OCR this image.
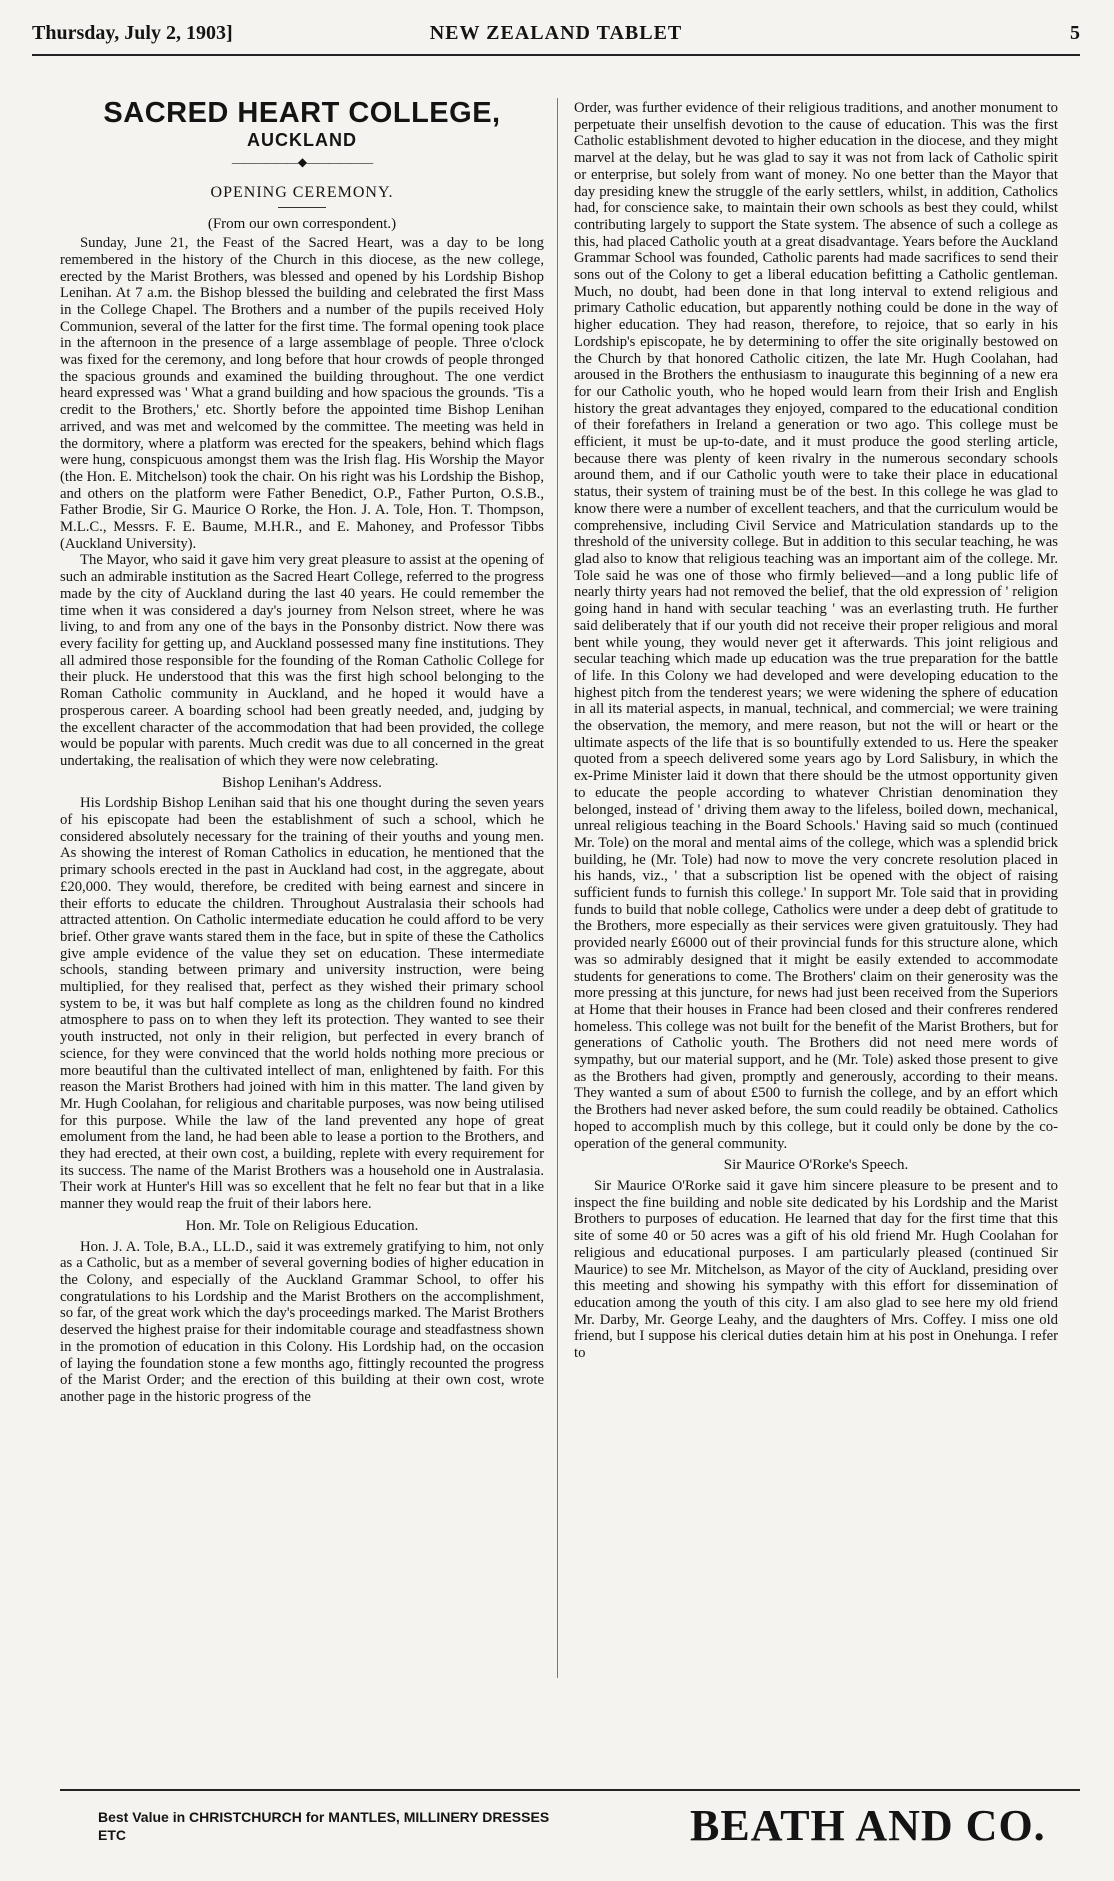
Thursday, July 2, 1903]	NEW ZEALAND TABLET	5
SACRED HEART COLLEGE,
AUCKLAND
——————◆——————
OPENING CEREMONY.
(From our own correspondent.)

Sunday, June 21, the Feast of the Sacred Heart, was a day to be long remembered in the history of the Church in this diocese, as the new college, erected by the Marist Brothers, was blessed and opened by his Lordship Bishop Lenihan. At 7 a.m. the Bishop blessed the building and celebrated the first Mass in the College Chapel. The Brothers and a number of the pupils received Holy Communion, several of the latter for the first time. The formal opening took place in the afternoon in the presence of a large assemblage of people. Three o'clock was fixed for the ceremony, and long before that hour crowds of people thronged the spacious grounds and examined the building throughout. The one verdict heard expressed was ' What a grand building and how spacious the grounds. 'Tis a credit to the Brothers,' etc. Shortly before the appointed time Bishop Lenihan arrived, and was met and welcomed by the committee. The meeting was held in the dormitory, where a platform was erected for the speakers, behind which flags were hung, conspicuous amongst them was the Irish flag. His Worship the Mayor (the Hon. E. Mitchelson) took the chair. On his right was his Lordship the Bishop, and others on the platform were Father Benedict, O.P., Father Purton, O.S.B., Father Brodie, Sir G. Maurice O Rorke, the Hon. J. A. Tole, Hon. T. Thompson, M.L.C., Messrs. F. E. Baume, M.H.R., and E. Mahoney, and Professor Tibbs (Auckland University).

The Mayor, who said it gave him very great pleasure to assist at the opening of such an admirable institution as the Sacred Heart College, referred to the progress made by the city of Auckland during the last 40 years. He could remember the time when it was considered a day's journey from Nelson street, where he was living, to and from any one of the bays in the Ponsonby district. Now there was every facility for getting up, and Auckland possessed many fine institutions. They all admired those responsible for the founding of the Roman Catholic College for their pluck. He understood that this was the first high school belonging to the Roman Catholic community in Auckland, and he hoped it would have a prosperous career. A boarding school had been greatly needed, and, judging by the excellent character of the accommodation that had been provided, the college would be popular with parents. Much credit was due to all concerned in the great undertaking, the realisation of which they were now celebrating.

Bishop Lenihan's Address.

His Lordship Bishop Lenihan said that his one thought during the seven years of his episcopate had been the establishment of such a school, which he considered absolutely necessary for the training of their youths and young men. As showing the interest of Roman Catholics in education, he mentioned that the primary schools erected in the past in Auckland had cost, in the aggregate, about £20,000. They would, therefore, be credited with being earnest and sincere in their efforts to educate the children. Throughout Australasia their schools had attracted attention. On Catholic intermediate education he could afford to be very brief. Other grave wants stared them in the face, but in spite of these the Catholics give ample evidence of the value they set on education. These intermediate schools, standing between primary and university instruction, were being multiplied, for they realised that, perfect as they wished their primary school system to be, it was but half complete as long as the children found no kindred atmosphere to pass on to when they left its protection. They wanted to see their youth instructed, not only in their religion, but perfected in every branch of science, for they were convinced that the world holds nothing more precious or more beautiful than the cultivated intellect of man, enlightened by faith. For this reason the Marist Brothers had joined with him in this matter. The land given by Mr. Hugh Coolahan, for religious and charitable purposes, was now being utilised for this purpose. While the law of the land prevented any hope of great emolument from the land, he had been able to lease a portion to the Brothers, and they had erected, at their own cost, a building, replete with every requirement for its success. The name of the Marist Brothers was a household one in Australasia. Their work at Hunter's Hill was so excellent that he felt no fear but that in a like manner they would reap the fruit of their labors here.

Hon. Mr. Tole on Religious Education.

Hon. J. A. Tole, B.A., LL.D., said it was extremely gratifying to him, not only as a Catholic, but as a member of several governing bodies of higher education in the Colony, and especially of the Auckland Grammar School, to offer his congratulations to his Lordship and the Marist Brothers on the accomplishment, so far, of the great work which the day's proceedings marked. The Marist Brothers deserved the highest praise for their indomitable courage and steadfastness shown in the promotion of education in this Colony. His Lordship had, on the occasion of laying the foundation stone a few months ago, fittingly recounted the progress of the Marist Order; and the erection of this building at their own cost, wrote another page in the historic progress of the

Order, was further evidence of their religious traditions, and another monument to perpetuate their unselfish devotion to the cause of education. This was the first Catholic establishment devoted to higher education in the diocese, and they might marvel at the delay, but he was glad to say it was not from lack of Catholic spirit or enterprise, but solely from want of money. No one better than the Mayor that day presiding knew the struggle of the early settlers, whilst, in addition, Catholics had, for conscience sake, to maintain their own schools as best they could, whilst contributing largely to support the State system. The absence of such a college as this, had placed Catholic youth at a great disadvantage. Years before the Auckland Grammar School was founded, Catholic parents had made sacrifices to send their sons out of the Colony to get a liberal education befitting a Catholic gentleman. Much, no doubt, had been done in that long interval to extend religious and primary Catholic education, but apparently nothing could be done in the way of higher education. They had reason, therefore, to rejoice, that so early in his Lordship's episcopate, he by determining to offer the site originally bestowed on the Church by that honored Catholic citizen, the late Mr. Hugh Coolahan, had aroused in the Brothers the enthusiasm to inaugurate this beginning of a new era for our Catholic youth, who he hoped would learn from their Irish and English history the great advantages they enjoyed, compared to the educational condition of their forefathers in Ireland a generation or two ago. This college must be efficient, it must be up-to-date, and it must produce the good sterling article, because there was plenty of keen rivalry in the numerous secondary schools around them, and if our Catholic youth were to take their place in educational status, their system of training must be of the best. In this college he was glad to know there were a number of excellent teachers, and that the curriculum would be comprehensive, including Civil Service and Matriculation standards up to the threshold of the university college. But in addition to this secular teaching, he was glad also to know that religious teaching was an important aim of the college. Mr. Tole said he was one of those who firmly believed—and a long public life of nearly thirty years had not removed the belief, that the old expression of ' religion going hand in hand with secular teaching ' was an everlasting truth. He further said deliberately that if our youth did not receive their proper religious and moral bent while young, they would never get it afterwards. This joint religious and secular teaching which made up education was the true preparation for the battle of life. In this Colony we had developed and were developing education to the highest pitch from the tenderest years; we were widening the sphere of education in all its material aspects, in manual, technical, and commercial; we were training the observation, the memory, and mere reason, but not the will or heart or the ultimate aspects of the life that is so bountifully extended to us. Here the speaker quoted from a speech delivered some years ago by Lord Salisbury, in which the ex-Prime Minister laid it down that there should be the utmost opportunity given to educate the people according to whatever Christian denomination they belonged, instead of ' driving them away to the lifeless, boiled down, mechanical, unreal religious teaching in the Board Schools.' Having said so much (continued Mr. Tole) on the moral and mental aims of the college, which was a splendid brick building, he (Mr. Tole) had now to move the very concrete resolution placed in his hands, viz., ' that a subscription list be opened with the object of raising sufficient funds to furnish this college.' In support Mr. Tole said that in providing funds to build that noble college, Catholics were under a deep debt of gratitude to the Brothers, more especially as their services were given gratuitously. They had provided nearly £6000 out of their provincial funds for this structure alone, which was so admirably designed that it might be easily extended to accommodate students for generations to come. The Brothers' claim on their generosity was the more pressing at this juncture, for news had just been received from the Superiors at Home that their houses in France had been closed and their confreres rendered homeless. This college was not built for the benefit of the Marist Brothers, but for generations of Catholic youth. The Brothers did not need mere words of sympathy, but our material support, and he (Mr. Tole) asked those present to give as the Brothers had given, promptly and generously, according to their means. They wanted a sum of about £500 to furnish the college, and by an effort which the Brothers had never asked before, the sum could readily be obtained. Catholics hoped to accomplish much by this college, but it could only be done by the co-operation of the general community.

Sir Maurice O'Rorke's Speech.

Sir Maurice O'Rorke said it gave him sincere pleasure to be present and to inspect the fine building and noble site dedicated by his Lordship and the Marist Brothers to purposes of education. He learned that day for the first time that this site of some 40 or 50 acres was a gift of his old friend Mr. Hugh Coolahan for religious and educational purposes. I am particularly pleased (continued Sir Maurice) to see Mr. Mitchelson, as Mayor of the city of Auckland, presiding over this meeting and showing his sympathy with this effort for dissemination of education among the youth of this city. I am also glad to see here my old friend Mr. Darby, Mr. George Leahy, and the daughters of Mrs. Coffey. I miss one old friend, but I suppose his clerical duties detain him at his post in Onehunga. I refer to

Best Value in CHRISTCHURCH for MANTLES, MILLINERY DRESSES ETC	BEATH AND CO.
